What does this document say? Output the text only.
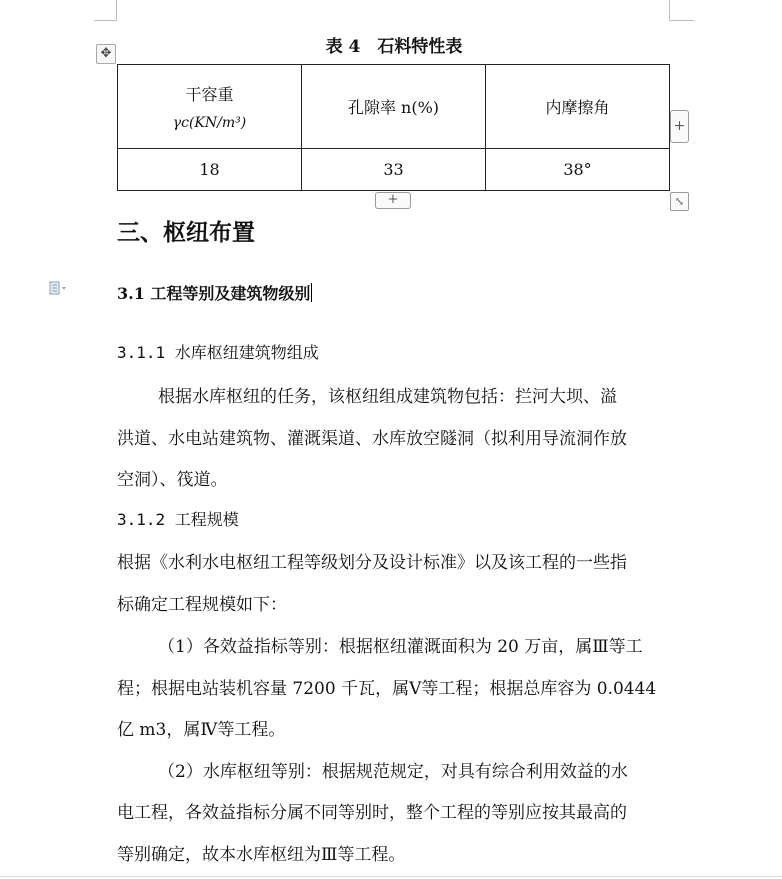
✥	表 4　石料特性表
干容重
γc(KN/m³)	孔隙率 n(%)	内摩擦角
18	33	38°
+
+	⤡
三、枢纽布置
3.1 工程等别及建筑物级别
3.1.1 水库枢纽建筑物组成
根据水库枢纽的任务，该枢纽组成建筑物包括：拦河大坝、溢
洪道、水电站建筑物、灌溉渠道、水库放空隧洞（拟利用导流洞作放
空洞）、筏道。
3.1.2 工程规模
根据《水利水电枢纽工程等级划分及设计标准》以及该工程的一些指
标确定工程规模如下：
（1）各效益指标等别：根据枢纽灌溉面积为 20 万亩，属Ⅲ等工
程；根据电站装机容量 7200 千瓦，属Ⅴ等工程；根据总库容为 0.0444
亿 m3，属Ⅳ等工程。
（2）水库枢纽等别：根据规范规定，对具有综合利用效益的水
电工程，各效益指标分属不同等别时，整个工程的等别应按其最高的
等别确定，故本水库枢纽为Ⅲ等工程。
